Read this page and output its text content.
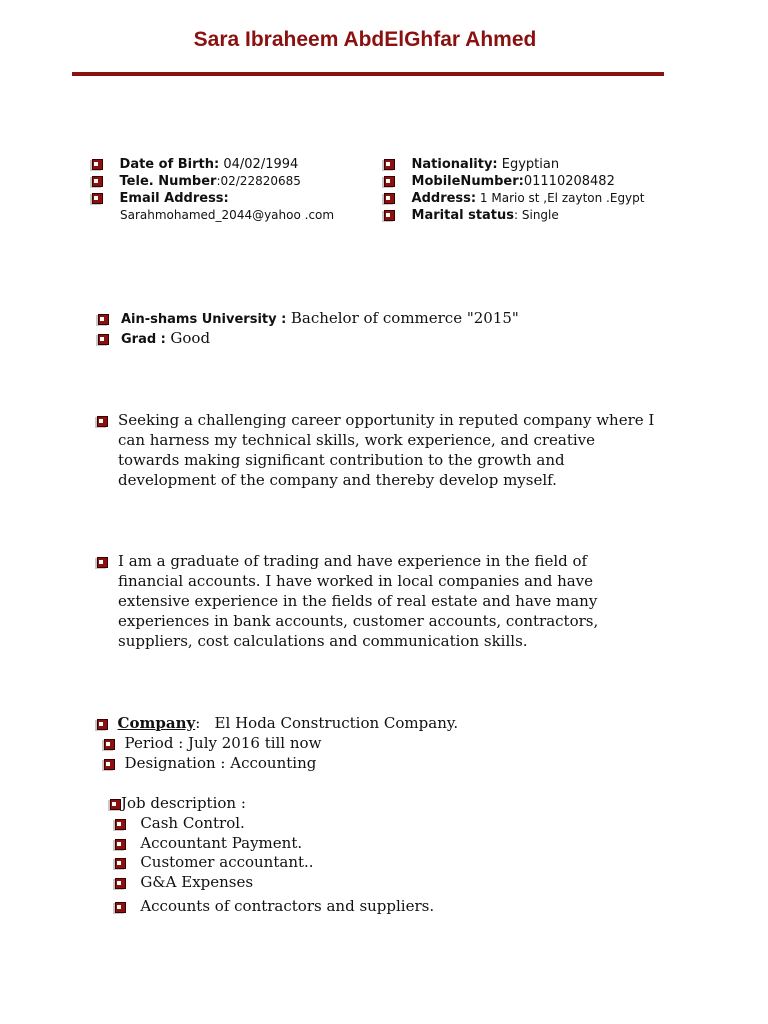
Sara Ibraheem AbdElGhfar Ahmed
Date of Birth: 04/02/1994
Tele. Number:02/22820685
Email Address:
Sarahmohamed_2044@yahoo .com
Nationality: Egyptian
MobileNumber:01110208482
Address: 1 Mario st ,El zayton .Egypt
Marital status: Single
Ain-shams University : Bachelor of commerce "2015"
Grad : Good
Seeking a challenging career opportunity in reputed company where I can harness my technical skills, work experience, and creative towards making significant contribution to the growth and development of the company and thereby develop myself.
I am a graduate of trading and have experience in the field of financial accounts. I have worked in local companies and have extensive experience in the fields of real estate and have many experiences in bank accounts, customer accounts, contractors, suppliers, cost calculations and communication skills.
Company:   El Hoda Construction Company.
Period : July 2016 till now
Designation : Accounting
Job description :
Cash Control.
Accountant Payment.
Customer accountant..
G&A Expenses
Accounts of contractors and suppliers.
